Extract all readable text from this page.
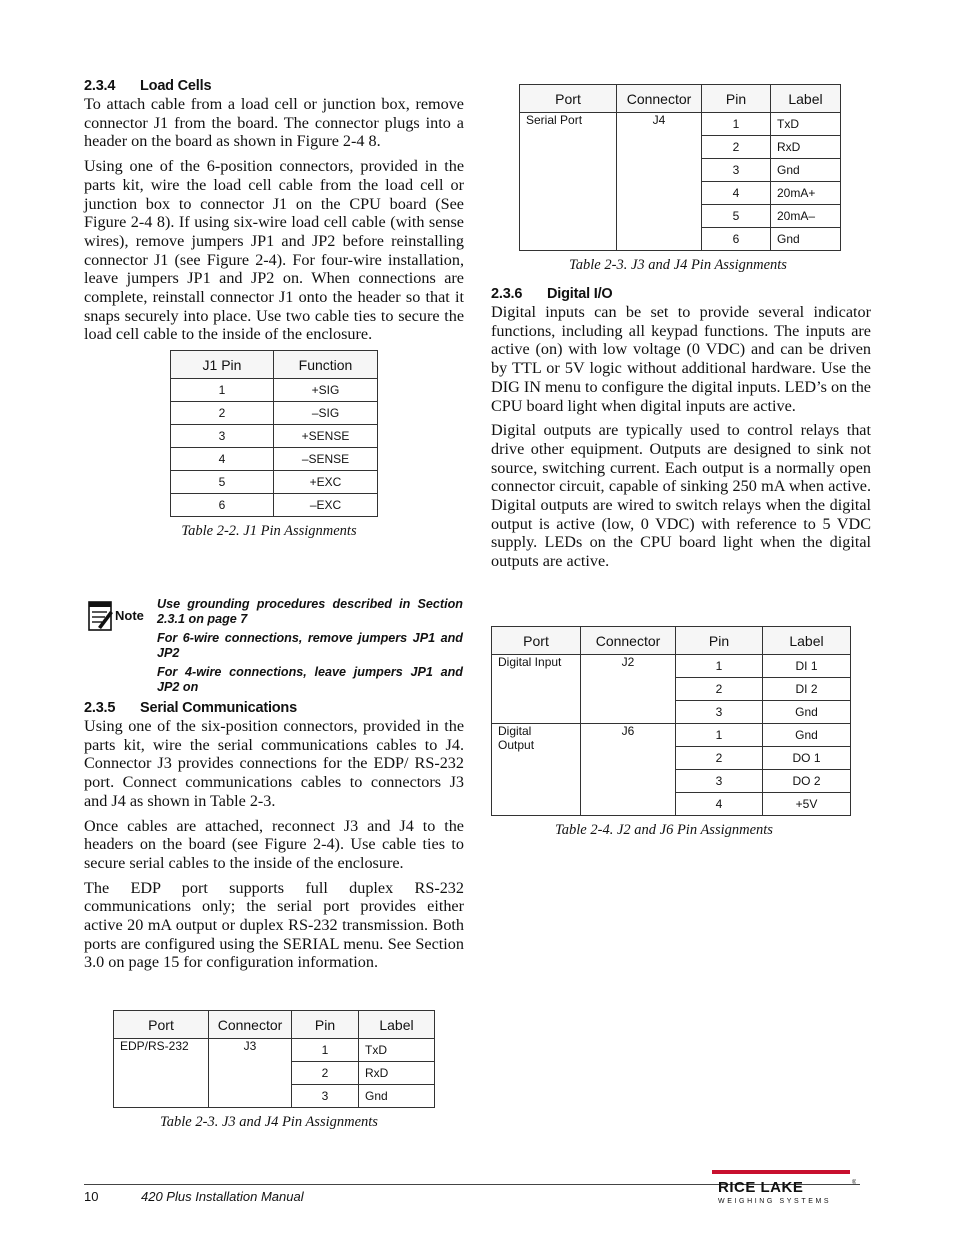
2.3.4 Load Cells

To attach cable from a load cell or junction box, remove connector J1 from the board. The connector plugs into a header on the board as shown in Figure 2-4 8.

Using one of the 6-position connectors, provided in the parts kit, wire the load cell cable from the load cell or junction box to connector J1 on the CPU board (See Figure 2-4 8). If using six-wire load cell cable (with sense wires), remove jumpers JP1 and JP2 before reinstalling connector J1 (see Figure 2-4). For four-wire installation, leave jumpers JP1 and JP2 on. When connections are complete, reinstall connector J1 onto the header so that it snaps securely into place. Use two cable ties to secure the load cell cable to the inside of the enclosure.

J1 Pin	Function
1	+SIG
2	–SIG
3	+SENSE
4	–SENSE
5	+EXC
6	–EXC
Table 2-2. J1 Pin Assignments
Note
Use grounding procedures described in Section 2.3.1 on page 7
For 6-wire connections, remove jumpers JP1 and JP2
For 4-wire connections, leave jumpers JP1 and JP2 on
2.3.5 Serial Communications

Using one of the six-position connectors, provided in the parts kit, wire the serial communications cables to J4. Connector J3 provides connections for the EDP/ RS-232 port. Connect communications cables to connectors J3 and J4 as shown in Table 2-3.

Once cables are attached, reconnect J3 and J4 to the headers on the board (see Figure 2-4). Use cable ties to secure serial cables to the inside of the enclosure.

The EDP port supports full duplex RS-232 communications only; the serial port provides either active 20 mA output or duplex RS-232 transmission. Both ports are configured using the SERIAL menu. See Section 3.0 on page 15 for configuration information.

Port	Connector	Pin	Label
EDP/RS-232	J3	1	TxD
		2	RxD
		3	Gnd
Table 2-3. J3 and J4 Pin Assignments
Port	Connector	Pin	Label
Serial Port	J4	1	TxD
		2	RxD
		3	Gnd
		4	20mA+
		5	20mA–
		6	Gnd
Table 2-3. J3 and J4 Pin Assignments
2.3.6 Digital I/O

Digital inputs can be set to provide several indicator functions, including all keypad functions. The inputs are active (on) with low voltage (0 VDC) and can be driven by TTL or 5V logic without additional hardware. Use the DIG IN menu to configure the digital inputs. LED’s on the CPU board light when digital inputs are active.

Digital outputs are typically used to control relays that drive other equipment. Outputs are designed to sink not source, switching current. Each output is a normally open connector circuit, capable of sinking 250 mA when active. Digital outputs are wired to switch relays when the digital output is active (low, 0 VDC) with reference to 5 VDC supply. LEDs on the CPU board light when the digital outputs are active.

Port	Connector	Pin	Label
Digital Input	J2	1	DI 1
		2	DI 2
		3	Gnd
Digital
Output	J6	1	Gnd
		2	DO 1
		3	DO 2
		4	+5V
Table 2-4. J2 and J6 Pin Assignments
10	420 Plus Installation Manual
RICE LAKE	®
WEIGHING SYSTEMS
